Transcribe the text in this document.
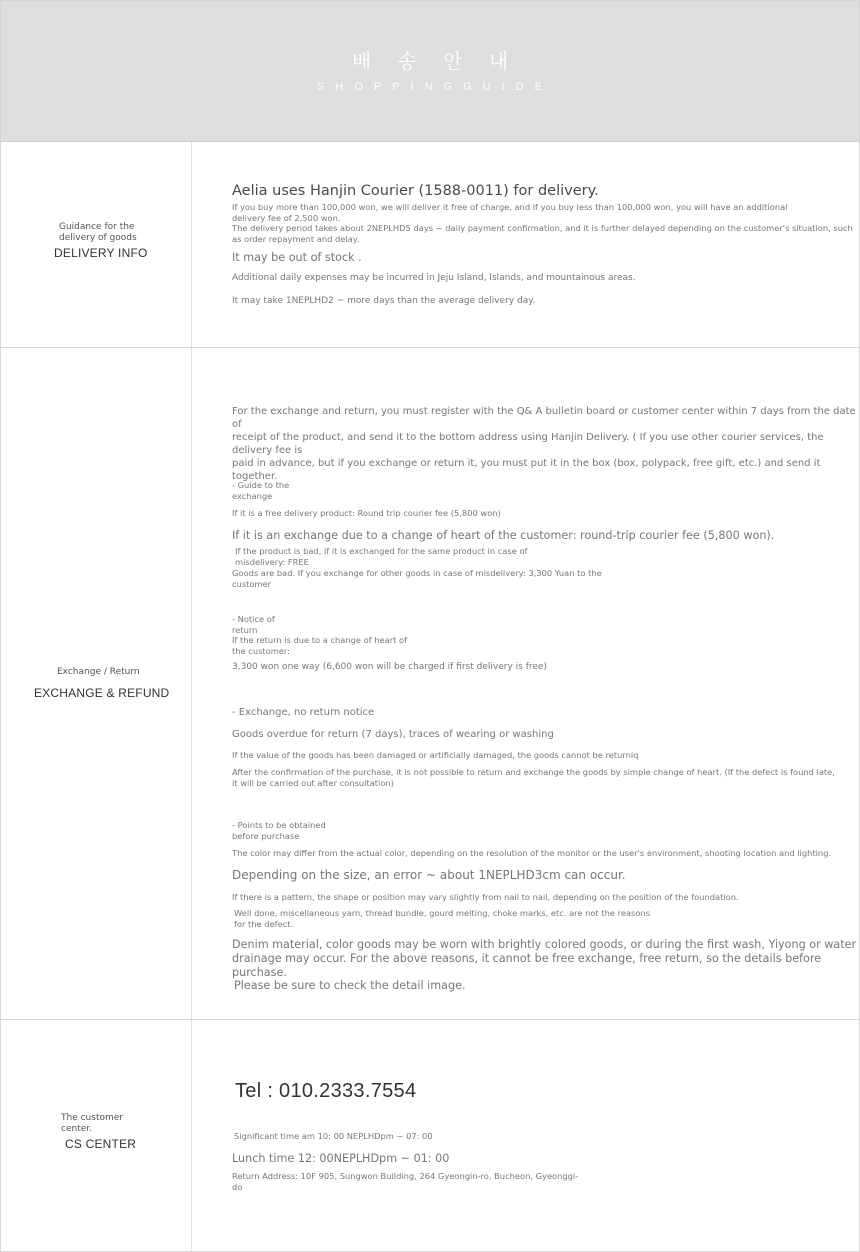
배 송 안 내
SHOPPINGGUIDE
Guidance for the
delivery of goods
DELIVERY INFO

Aelia uses Hanjin Courier (1588-0011) for delivery.

If you buy more than 100,000 won, we will deliver it free of charge, and if you buy less than 100,000 won, you will have an additional
delivery fee of 2,500 won.

The delivery period takes about 2NEPLHD5 days ~ daily payment confirmation, and it is further delayed depending on the customer's situation, such
as order repayment and delay.

It may be out of stock .

Additional daily expenses may be incurred in Jeju Island, Islands, and mountainous areas.

It may take 1NEPLHD2 ~ more days than the average delivery day.

Exchange / Return
EXCHANGE & REFUND

For the exchange and return, you must register with the Q& A bulletin board or customer center within 7 days from the date of
receipt of the product, and send it to the bottom address using Hanjin Delivery. ( If you use other courier services, the delivery fee is
paid in advance, but if you exchange or return it, you must put it in the box (box, polypack, free gift, etc.) and send it together.

- Guide to the
exchange

If it is a free delivery product: Round trip courier fee (5,800 won)

If it is an exchange due to a change of heart of the customer: round-trip courier fee (5,800 won).

If the product is bad, if it is exchanged for the same product in case of
misdelivery: FREE

Goods are bad. If you exchange for other goods in case of misdelivery: 3,300 Yuan to the
customer

- Notice of
return

If the return is due to a change of heart of
the customer:

3,300 won one way (6,600 won will be charged if first delivery is free)

- Exchange, no return notice

Goods overdue for return (7 days), traces of wearing or washing

If the value of the goods has been damaged or artificially damaged, the goods cannot be returniq

After the confirmation of the purchase, it is not possible to return and exchange the goods by simple change of heart. (If the defect is found late,
it will be carried out after consultation)

- Points to be obtained
before purchase

The color may differ from the actual color, depending on the resolution of the monitor or the user's environment, shooting location and lighting.

Depending on the size, an error ~ about 1NEPLHD3cm can occur.

If there is a pattern, the shape or position may vary slightly from nail to nail, depending on the position of the foundation.

Well done, miscellaneous yarn, thread bundle, gourd melting, choke marks, etc. are not the reasons
for the defect.

Denim material, color goods may be worn with brightly colored goods, or during the first wash, Yiyong or water
drainage may occur. For the above reasons, it cannot be free exchange, free return, so the details before purchase.

Please be sure to check the detail image.

The customer
center.
CS CENTER
Tel : 010.2333.7554

Significant time am 10: 00 NEPLHDpm ~ 07: 00

Lunch time 12: 00NEPLHDpm ~ 01: 00

Return Address: 10F 905, Sungwon Building, 264 Gyeongin-ro, Bucheon, Gyeonggi-
do
